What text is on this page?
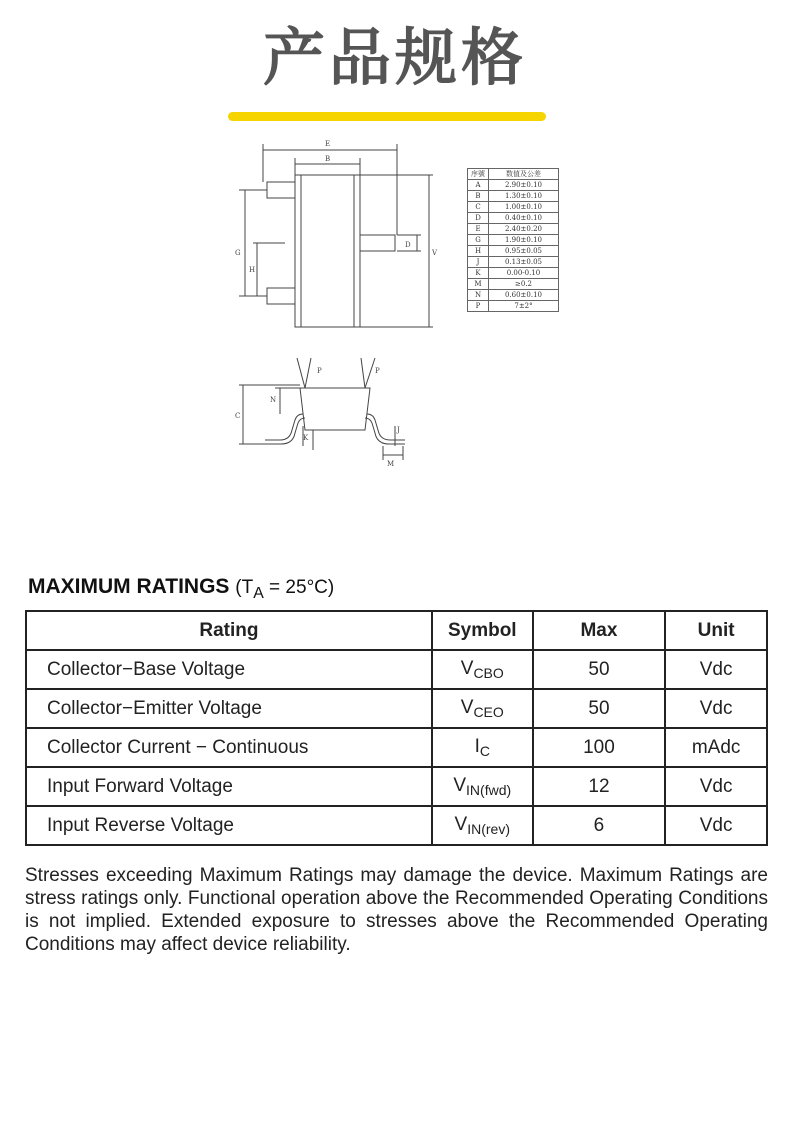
产品规格
E
B
G
H
D
V
P	P
C
N
K
J
M
序號	数值及公差
A	2.90±0.10
B	1.30±0.10
C	1.00±0.10
D	0.40±0.10
E	2.40±0.20
G	1.90±0.10
H	0.95±0.05
J	0.13±0.05
K	0.00-0.10
M	≥0.2
N	0.60±0.10
P	7±2°
MAXIMUM RATINGS $(T_A = 25^\circ C)$
Rating	Symbol	Max	Unit
Collector−Base Voltage	$V_{CBO}$	50	Vdc
Collector−Emitter Voltage	$V_{CEO}$	50	Vdc
Collector Current − Continuous	$I_C$	100	mAdc
Input Forward Voltage	$V_{IN(fwd)}$	12	Vdc
Input Reverse Voltage	$V_{IN(rev)}$	6	Vdc
Stresses exceeding Maximum Ratings may damage the device. Maximum Ratings are stress ratings only. Functional operation above the Recommended Operating Conditions is not implied. Extended exposure to stresses above the Recommended Operating Conditions may affect device reliability.
